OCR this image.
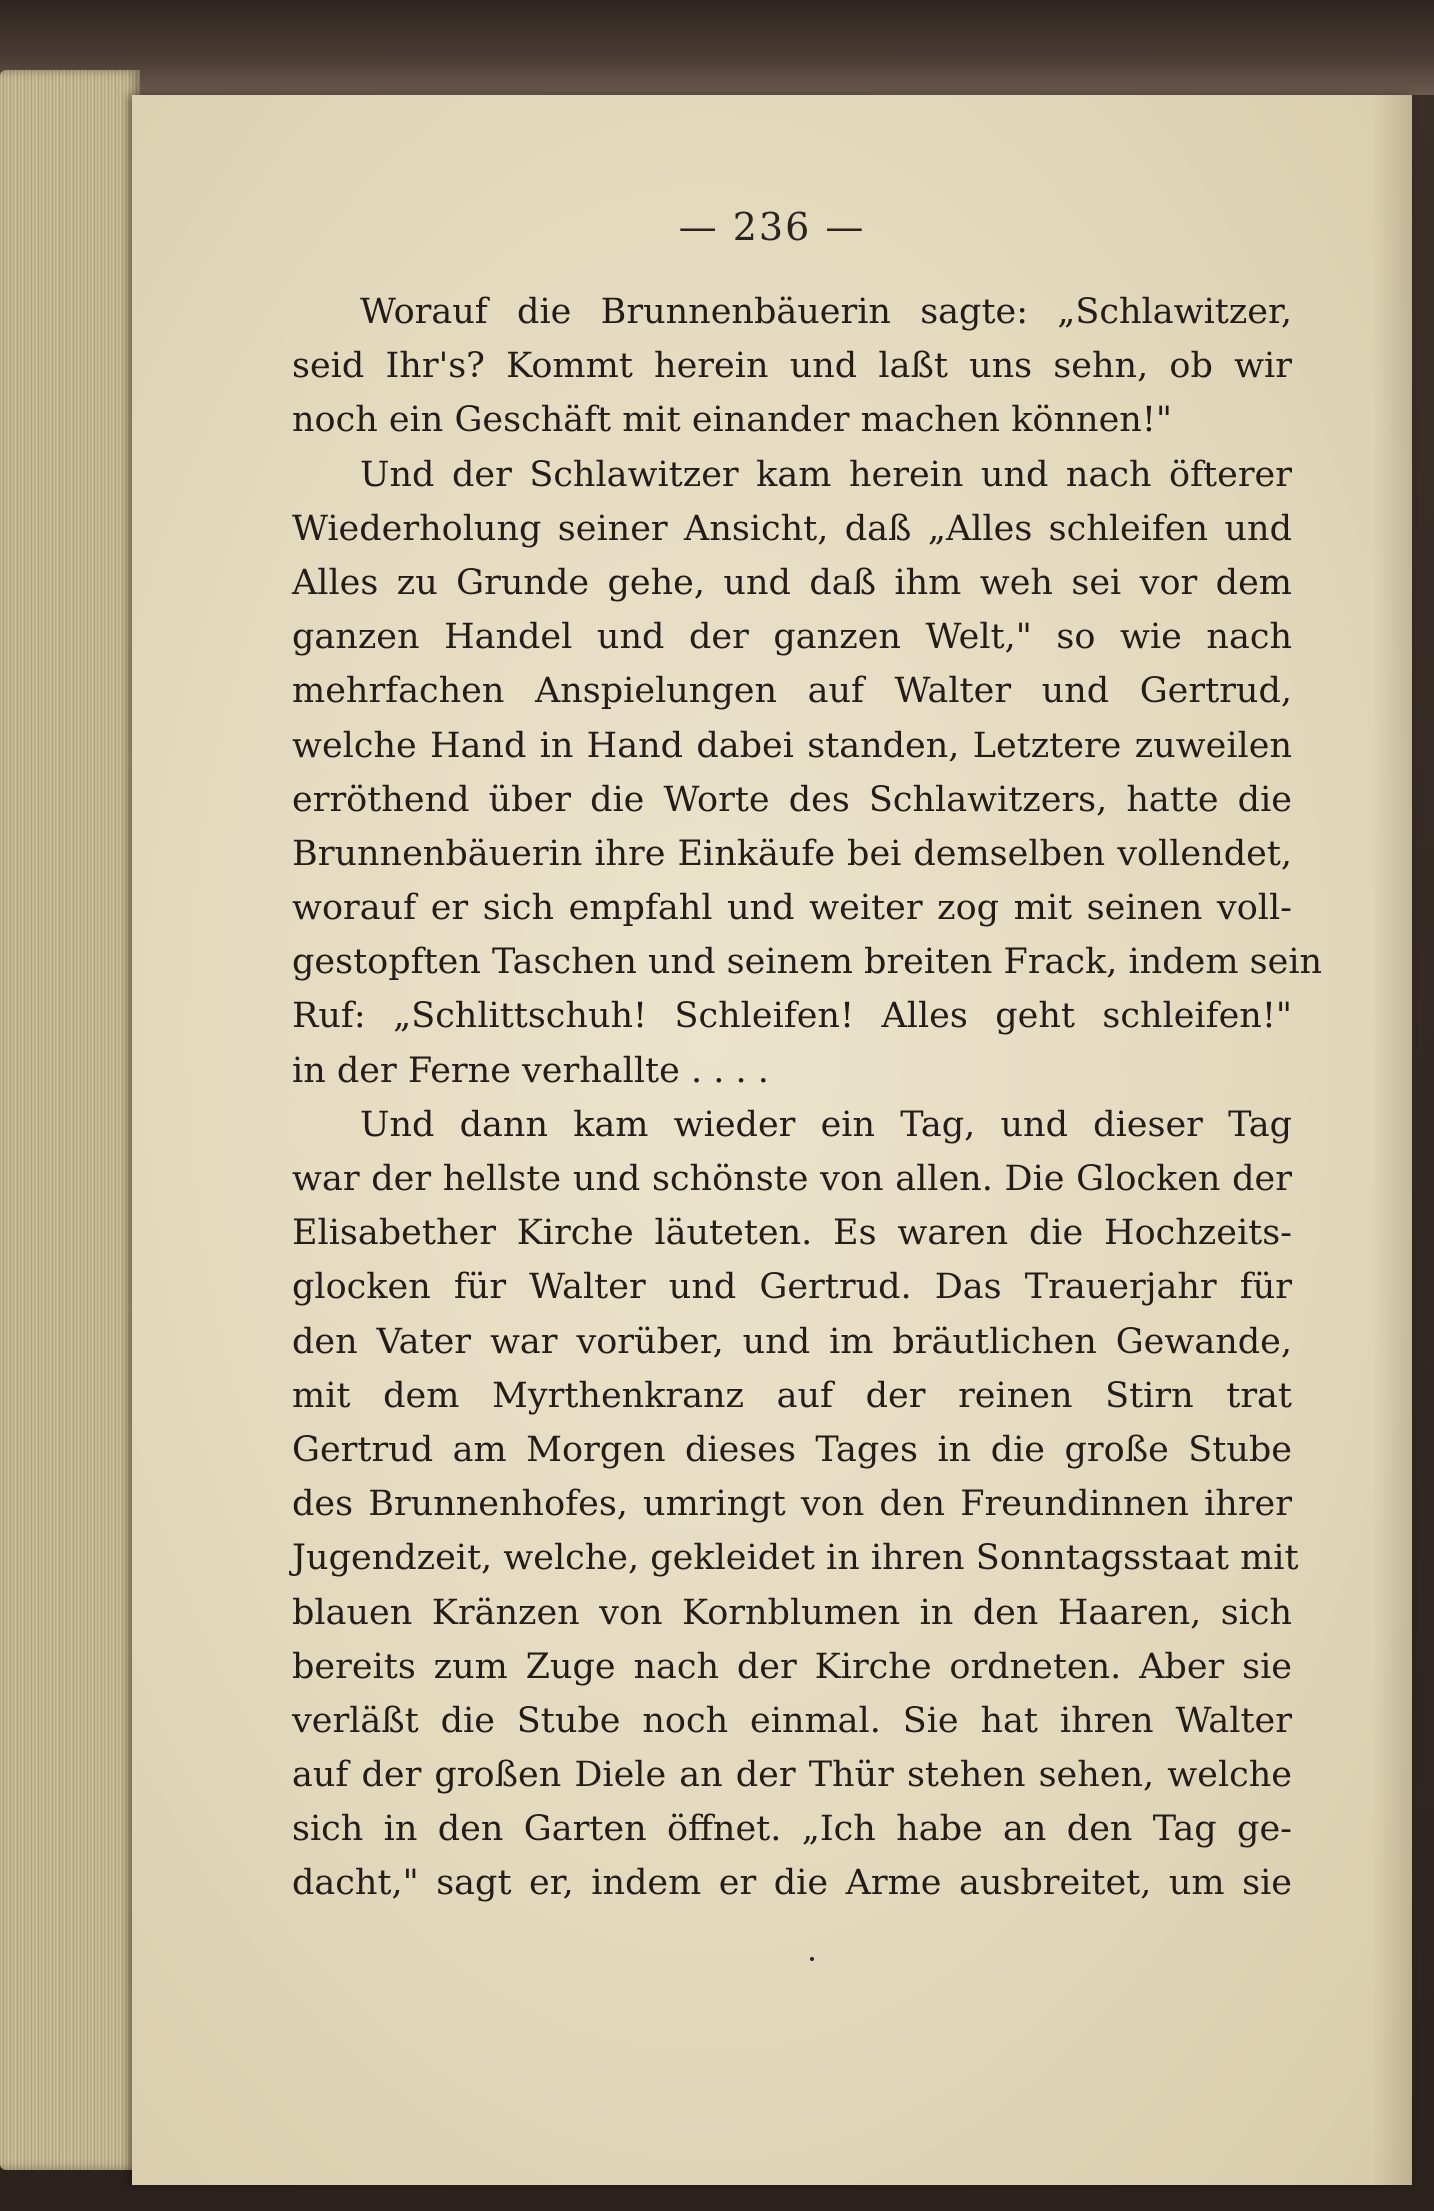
— 236 —
Worauf die Brunnenbäuerin sagte: „Schlawitzer,
seid Ihr's? Kommt herein und laßt uns sehn, ob wir
noch ein Geschäft mit einander machen können!"
Und der Schlawitzer kam herein und nach öfterer
Wiederholung seiner Ansicht, daß „Alles schleifen und
Alles zu Grunde gehe, und daß ihm weh sei vor dem
ganzen Handel und der ganzen Welt," so wie nach
mehrfachen Anspielungen auf Walter und Gertrud,
welche Hand in Hand dabei standen, Letztere zuweilen
erröthend über die Worte des Schlawitzers, hatte die
Brunnenbäuerin ihre Einkäufe bei demselben vollendet,
worauf er sich empfahl und weiter zog mit seinen voll-
gestopften Taschen und seinem breiten Frack, indem sein
Ruf: „Schlittschuh! Schleifen! Alles geht schleifen!"
in der Ferne verhallte . . . .
Und dann kam wieder ein Tag, und dieser Tag
war der hellste und schönste von allen. Die Glocken der
Elisabether Kirche läuteten. Es waren die Hochzeits-
glocken für Walter und Gertrud. Das Trauerjahr für
den Vater war vorüber, und im bräutlichen Gewande,
mit dem Myrthenkranz auf der reinen Stirn trat
Gertrud am Morgen dieses Tages in die große Stube
des Brunnenhofes, umringt von den Freundinnen ihrer
Jugendzeit, welche, gekleidet in ihren Sonntagsstaat mit
blauen Kränzen von Kornblumen in den Haaren, sich
bereits zum Zuge nach der Kirche ordneten. Aber sie
verläßt die Stube noch einmal. Sie hat ihren Walter
auf der großen Diele an der Thür stehen sehen, welche
sich in den Garten öffnet. „Ich habe an den Tag ge-
dacht," sagt er, indem er die Arme ausbreitet, um sie
